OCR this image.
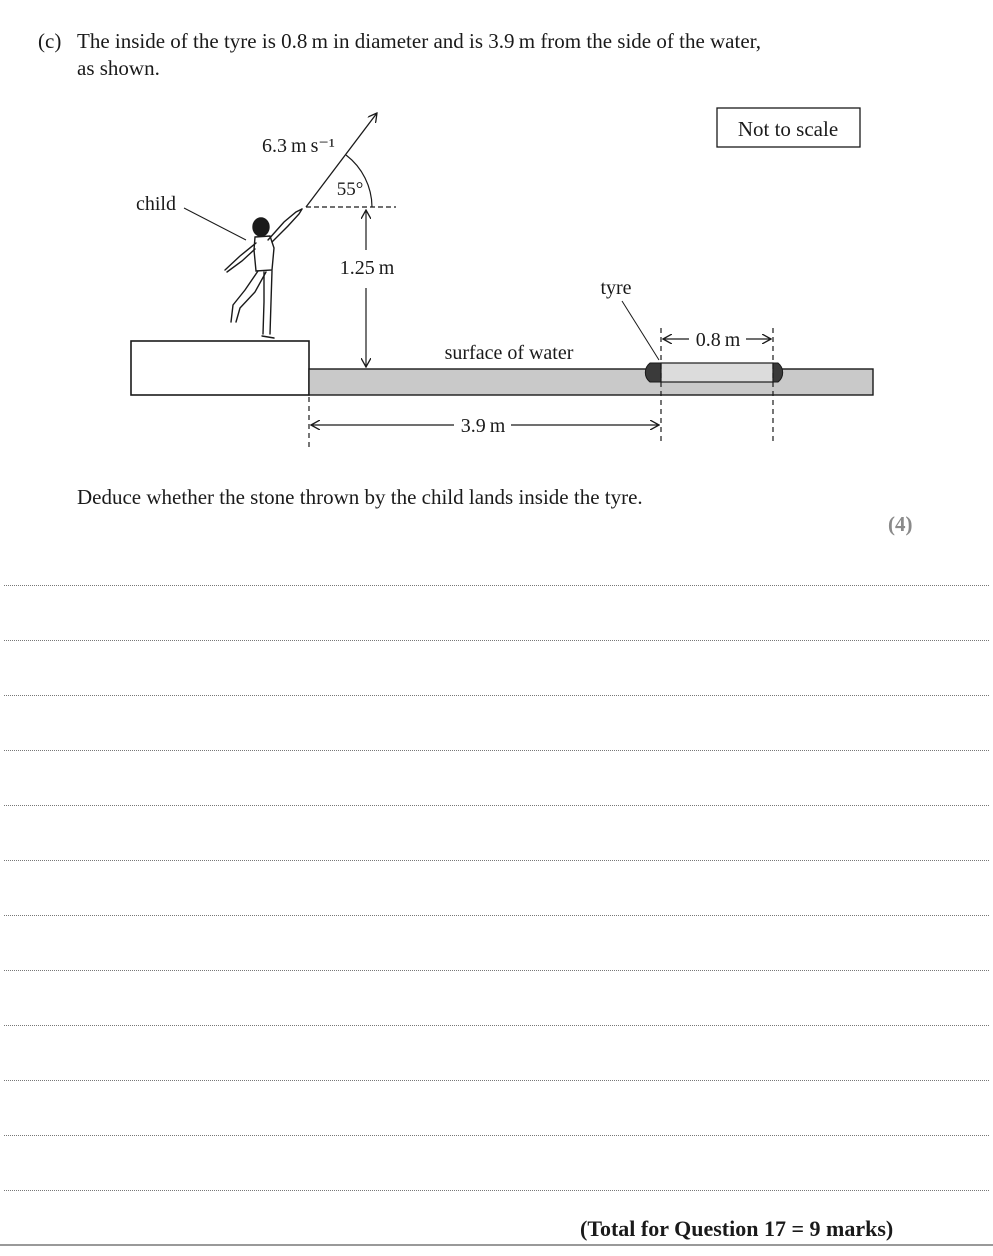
(c) The inside of the tyre is 0.8 m in diameter and is 3.9 m from the side of the water,
as shown.
Not to scale
surface of water
tyre
0.8 m
3.9 m
1.25 m
6.3 m s⁻¹
55°
child
Deduce whether the stone thrown by the child lands inside the tyre.
(4)
(Total for Question 17 = 9 marks)
